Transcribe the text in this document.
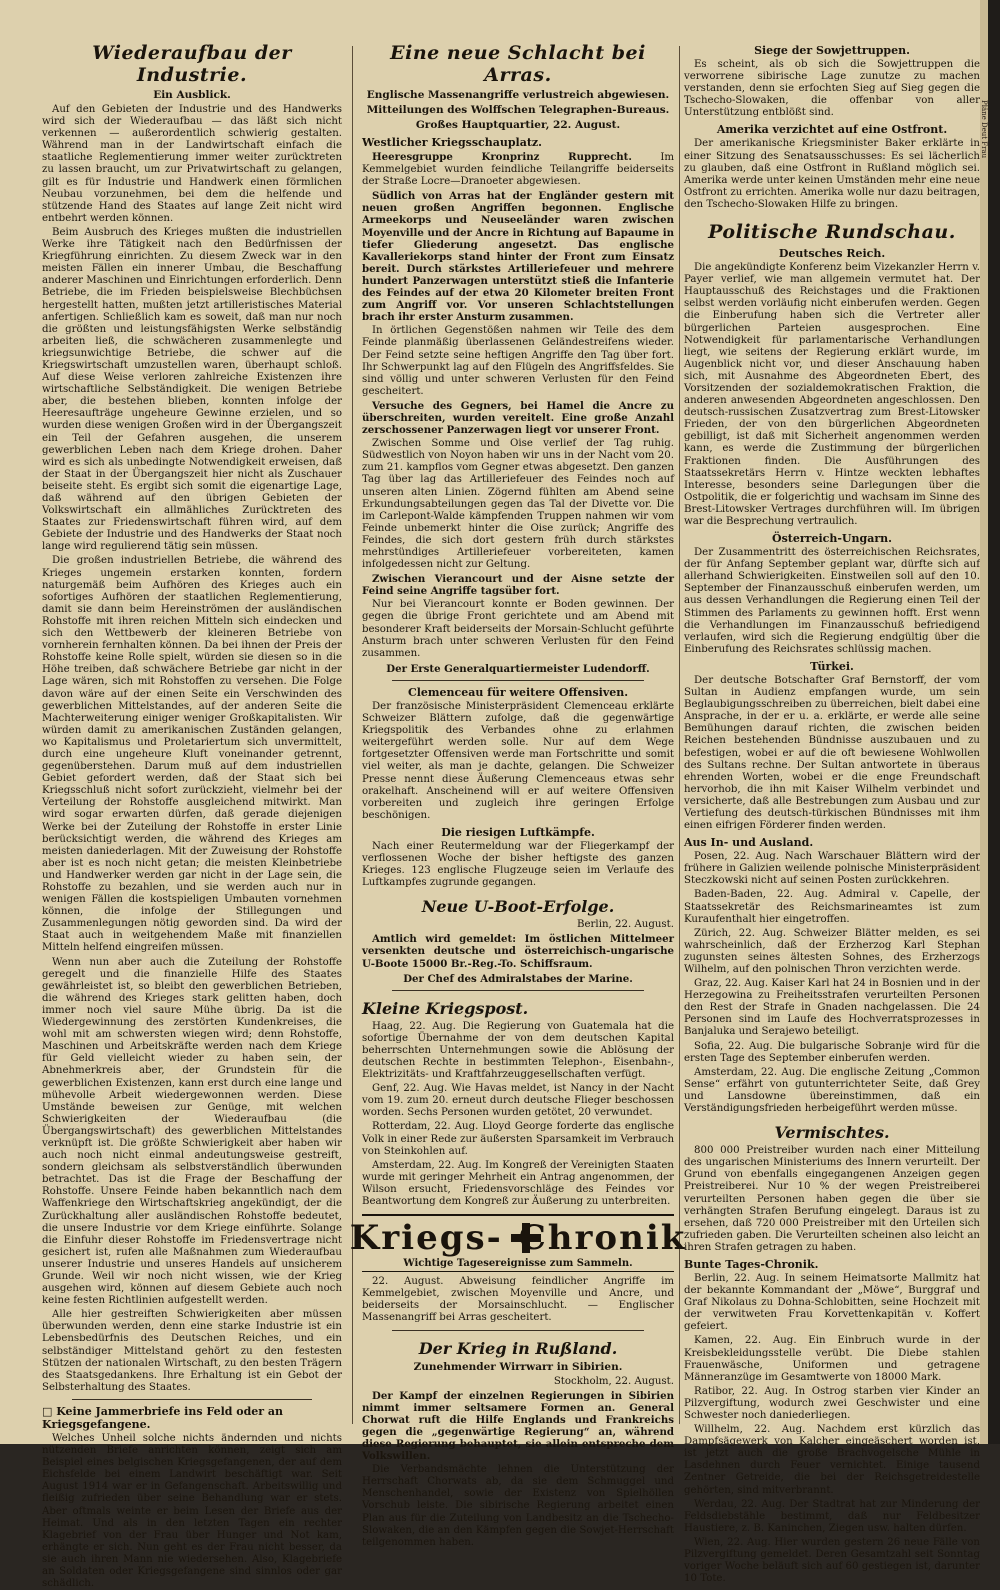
Wiederaufbau der Industrie.
Ein Ausblick.

Auf den Gebieten der Industrie und des Handwerks wird sich der Wiederaufbau — das läßt sich nicht verkennen — außerordentlich schwierig gestalten. Während man in der Landwirtschaft einfach die staatliche Reglementierung immer weiter zurücktreten zu lassen braucht, um zur Privatwirtschaft zu gelangen, gilt es für Industrie und Handwerk einen förmlichen Neubau vorzunehmen, bei dem die helfende und stützende Hand des Staates auf lange Zeit nicht wird entbehrt werden können.

Beim Ausbruch des Krieges mußten die industriellen Werke ihre Tätigkeit nach den Bedürfnissen der Kriegführung einrichten. Zu diesem Zweck war in den meisten Fällen ein innerer Umbau, die Beschaffung anderer Maschinen und Einrichtungen erforderlich. Denn Betriebe, die im Frieden beispielsweise Blechbüchsen hergestellt hatten, mußten jetzt artilleristisches Material anfertigen. Schließlich kam es soweit, daß man nur noch die größten und leistungsfähigsten Werke selbständig arbeiten ließ, die schwächeren zusammenlegte und kriegsunwichtige Betriebe, die schwer auf die Kriegswirtschaft umzustellen waren, überhaupt schloß. Auf diese Weise verloren zahlreiche Existenzen ihre wirtschaftliche Selbständigkeit. Die wenigen Betriebe aber, die bestehen blieben, konnten infolge der Heeresaufträge ungeheure Gewinne erzielen, und so wurden diese wenigen Großen wird in der Übergangszeit ein Teil der Gefahren ausgehen, die unserem gewerblichen Leben nach dem Kriege drohen. Daher wird es sich als unbedingte Notwendigkeit erweisen, daß der Staat in der Übergangszeit hier nicht als Zuschauer beiseite steht. Es ergibt sich somit die eigenartige Lage, daß während auf den übrigen Gebieten der Volkswirtschaft ein allmähliches Zurücktreten des Staates zur Friedenswirtschaft führen wird, auf dem Gebiete der Industrie und des Handwerks der Staat noch lange wird regulierend tätig sein müssen.

Die großen industriellen Betriebe, die während des Krieges ungemein erstarken konnten, fordern naturgemäß beim Aufhören des Krieges auch ein sofortiges Aufhören der staatlichen Reglementierung, damit sie dann beim Hereinströmen der ausländischen Rohstoffe mit ihren reichen Mitteln sich eindecken und sich den Wettbewerb der kleineren Betriebe von vornherein fernhalten können. Da bei ihnen der Preis der Rohstoffe keine Rolle spielt, würden sie diesen so in die Höhe treiben, daß schwächere Betriebe gar nicht in der Lage wären, sich mit Rohstoffen zu versehen. Die Folge davon wäre auf der einen Seite ein Verschwinden des gewerblichen Mittelstandes, auf der anderen Seite die Machterweiterung einiger weniger Großkapitalisten. Wir würden damit zu amerikanischen Zuständen gelangen, wo Kapitalismus und Proletariertum sich unvermittelt, durch eine ungeheure Kluft voneinander getrennt, gegenüberstehen. Darum muß auf dem industriellen Gebiet gefordert werden, daß der Staat sich bei Kriegsschluß nicht sofort zurückzieht, vielmehr bei der Verteilung der Rohstoffe ausgleichend mitwirkt. Man wird sogar erwarten dürfen, daß gerade diejenigen Werke bei der Zuteilung der Rohstoffe in erster Linie berücksichtigt werden, die während des Krieges am meisten daniederlagen. Mit der Zuweisung der Rohstoffe aber ist es noch nicht getan; die meisten Kleinbetriebe und Handwerker werden gar nicht in der Lage sein, die Rohstoffe zu bezahlen, und sie werden auch nur in wenigen Fällen die kostspieligen Umbauten vornehmen können, die infolge der Stillegungen und Zusammenlegungen nötig geworden sind. Da wird der Staat auch in weitgehendem Maße mit finanziellen Mitteln helfend eingreifen müssen.

Wenn nun aber auch die Zuteilung der Rohstoffe geregelt und die finanzielle Hilfe des Staates gewährleistet ist, so bleibt den gewerblichen Betrieben, die während des Krieges stark gelitten haben, doch immer noch viel saure Mühe übrig. Da ist die Wiedergewinnung des zerstörten Kundenkreises, die wohl mit am schwersten wiegen wird; denn Rohstoffe, Maschinen und Arbeitskräfte werden nach dem Kriege für Geld vielleicht wieder zu haben sein, der Abnehmerkreis aber, der Grundstein für die gewerblichen Existenzen, kann erst durch eine lange und mühevolle Arbeit wiedergewonnen werden. Diese Umstände beweisen zur Genüge, mit welchen Schwierigkeiten der Wiederaufbau (die Übergangswirtschaft) des gewerblichen Mittelstandes verknüpft ist. Die größte Schwierigkeit aber haben wir auch noch nicht einmal andeutungsweise gestreift, sondern gleichsam als selbstverständlich überwunden betrachtet. Das ist die Frage der Beschaffung der Rohstoffe. Unsere Feinde haben bekanntlich nach dem Waffenkriege den Wirtschaftskrieg angekündigt, der die Zurückhaltung aller ausländischen Rohstoffe bedeutet, die unsere Industrie vor dem Kriege einführte. Solange die Einfuhr dieser Rohstoffe im Friedensvertrage nicht gesichert ist, rufen alle Maßnahmen zum Wiederaufbau unserer Industrie und unseres Handels auf unsicherem Grunde. Weil wir noch nicht wissen, wie der Krieg ausgehen wird, können auf diesem Gebiete auch noch keine festen Richtlinien aufgestellt werden.

Alle hier gestreiften Schwierigkeiten aber müssen überwunden werden, denn eine starke Industrie ist ein Lebensbedürfnis des Deutschen Reiches, und ein selbständiger Mittelstand gehört zu den festesten Stützen der nationalen Wirtschaft, zu den besten Trägern des Staatsgedankens. Ihre Erhaltung ist ein Gebot der Selbsterhaltung des Staates.

□ Keine Jammerbriefe ins Feld oder an Kriegsgefangene.

Welches Unheil solche nichts ändernden und nichts nützenden Briefe anrichten können, zeigt sich am Beispiel eines belgischen Kriegsgefangenen, der auf dem Eichsfelde bei einem Landwirt beschäftigt war. Seit August 1914 war er in Gefangenschaft. Arbeitswillig und fleißig zufrieden über seine Behandlung war er stets. Aber oftmals weinte er beim Lesen der Briefe aus der Heimat. Und als in den letzten Tagen ein rechter Klagebrief von der Frau über Hunger und Not kam, erhängte er sich. Nun geht es der Frau nicht besser, da sie auch ihren Mann nie wiedersehen. Also, Klagebriefe an Soldaten oder Kriegsgefangene sind sinnlos oder gar schädlich.

Eine neue Schlacht bei Arras.
Englische Massenangriffe verlustreich abgewiesen.
Mitteilungen des Wolffschen Telegraphen-Bureaus.
Großes Hauptquartier, 22. August.
Westlicher Kriegsschauplatz.

Heeresgruppe Kronprinz Rupprecht.	Im Kemmelgebiet wurden feindliche Teilangriffe beiderseits der Straße Locre—Dranoeter abgewiesen.

Südlich von Arras hat der Engländer gestern mit neuen großen Angriffen begonnen. Englische Armeekorps und Neuseeländer waren zwischen Moyenville und der Ancre in Richtung auf Bapaume in tiefer Gliederung angesetzt. Das englische Kavalleriekorps stand hinter der Front zum Einsatz bereit. Durch stärkstes Artilleriefeuer und mehrere hundert Panzerwagen unterstützt stieß die Infanterie des Feindes auf der etwa 20 Kilometer breiten Front zum Angriff vor. Vor unseren Schlachtstellungen brach ihr erster Ansturm zusammen.

In örtlichen Gegenstößen nahmen wir Teile des dem Feinde planmäßig überlassenen Geländestreifens wieder. Der Feind setzte seine heftigen Angriffe den Tag über fort. Ihr Schwerpunkt lag auf den Flügeln des Angriffsfeldes. Sie sind völlig und unter schweren Verlusten für den Feind gescheitert.

Versuche des Gegners, bei Hamel die Ancre zu überschreiten, wurden vereitelt. Eine große Anzahl zerschossener Panzerwagen liegt vor unserer Front.

Zwischen Somme und Oise verlief der Tag ruhig. Südwestlich von Noyon haben wir uns in der Nacht vom 20. zum 21. kampflos vom Gegner etwas abgesetzt. Den ganzen Tag über lag das Artilleriefeuer des Feindes noch auf unseren alten Linien. Zögernd fühlten am Abend seine Erkundungsabteilungen gegen das Tal der Divette vor. Die im Carlepont-Walde kämpfenden Truppen nahmen wir vom Feinde unbemerkt hinter die Oise zurück; Angriffe des Feindes, die sich dort gestern früh durch stärkstes mehrstündiges Artilleriefeuer vorbereiteten, kamen infolgedessen nicht zur Geltung.

Zwischen Vierancourt und der Aisne setzte der Feind seine Angriffe tagsüber fort.

Nur bei Vierancourt konnte er Boden gewinnen. Der gegen die übrige Front gerichtete und am Abend mit besonderer Kraft beiderseits der Morsain-Schlucht geführte Ansturm brach unter schweren Verlusten für den Feind zusammen.

Der Erste Generalquartiermeister Ludendorff.

Clemenceau für weitere Offensiven.

Der französische Ministerpräsident Clemenceau erklärte Schweizer Blättern zufolge, daß die gegenwärtige Kriegspolitik des Verbandes ohne zu erlahmen weitergeführt werden solle. Nur auf dem Wege fortgesetzter Offensiven werde man Fortschritte und somit viel weiter, als man je dachte, gelangen. Die Schweizer Presse nennt diese Äußerung Clemenceaus etwas sehr orakelhaft. Anscheinend will er auf weitere Offensiven vorbereiten und zugleich ihre geringen Erfolge beschönigen.

Die riesigen Luftkämpfe.

Nach einer Reutermeldung war der Fliegerkampf der verflossenen Woche der bisher heftigste des ganzen Krieges. 123 englische Flugzeuge seien im Verlaufe des Luftkampfes zugrunde gegangen.

Neue U-Boot-Erfolge.

Berlin, 22. August.

Amtlich wird gemeldet: Im östlichen Mittelmeer versenkten deutsche und österreichisch-ungarische U-Boote 15000 Br.-Reg.-To. Schiffsraum.

Der Chef des Admiralstabes der Marine.

Kleine Kriegspost.

Haag, 22. Aug. Die Regierung von Guatemala hat die sofortige Übernahme der von dem deutschen Kapital beherrschten Unternehmungen sowie die Ablösung der deutschen Rechte in bestimmten Telephon-, Eisenbahn-, Elektrizitäts- und Kraftfahrzeuggesellschaften verfügt.

Genf, 22. Aug. Wie Havas meldet, ist Nancy in der Nacht vom 19. zum 20. erneut durch deutsche Flieger beschossen worden. Sechs Personen wurden getötet, 20 verwundet.

Rotterdam, 22. Aug. Lloyd George forderte das englische Volk in einer Rede zur äußersten Sparsamkeit im Verbrauch von Steinkohlen auf.

Amsterdam, 22. Aug. Im Kongreß der Vereinigten Staaten wurde mit geringer Mehrheit ein Antrag angenommen, der Wilson ersucht, Friedensvorschläge des Feindes vor Beantwortung dem Kongreß zur Äußerung zu unterbreiten.

Kriegs- Chronik
Wichtige Tagesereignisse zum Sammeln.

22. August. Abweisung feindlicher Angriffe im Kemmelgebiet, zwischen Moyenville und Ancre, und beiderseits der Morsainschlucht. — Englischer Massenangriff bei Arras gescheitert.

Der Krieg in Rußland.
Zunehmender Wirrwarr in Sibirien.

Stockholm, 22. August.

Der Kampf der einzelnen Regierungen in Sibirien nimmt immer seltsamere Formen an. General Chorwat ruft die Hilfe Englands und Frankreichs gegen die „gegenwärtige Regierung“ an, während diese Regierung behauptet, sie allein entspreche dem Volkswillen.

Die Verbandsmächte lehnen die Unterstützung der Herrschaft Chorwats ab, da sie dem Schmuggel und Menschenhandel, sowie der Existenz von Spielhöllen Vorschub leiste. Die sibirische Regierung arbeitet einen Plan aus für die Zuteilung von Landbesitz an die Tschecho-Slowaken, die an den Kämpfen gegen die Sowjet-Herrschaft teilgenommen haben.

Siege der Sowjettruppen.

Es scheint, als ob sich die Sowjettruppen die verworrene sibirische Lage zunutze zu machen verstanden, denn sie erfochten Sieg auf Sieg gegen die Tschecho-Slowaken, die offenbar von aller Unterstützung entblößt sind.

Amerika verzichtet auf eine Ostfront.

Der amerikanische Kriegsminister Baker erklärte in einer Sitzung des Senatsausschusses: Es sei lächerlich zu glauben, daß eine Ostfront in Rußland möglich sei. Amerika werde unter keinen Umständen mehr eine neue Ostfront zu errichten. Amerika wolle nur dazu beitragen, den Tschecho-Slowaken Hilfe zu bringen.

Politische Rundschau.
Deutsches Reich.

Die angekündigte Konferenz beim Vizekanzler Herrn v. Payer verlief, wie man allgemein vermutet hat. Der Hauptausschuß des Reichstages und die Fraktionen selbst werden vorläufig nicht einberufen werden. Gegen die Einberufung haben sich die Vertreter aller bürgerlichen Parteien ausgesprochen. Eine Notwendigkeit für parlamentarische Verhandlungen liegt, wie seitens der Regierung erklärt wurde, im Augenblick nicht vor, und dieser Anschauung haben sich, mit Ausnahme des Abgeordneten Ebert, des Vorsitzenden der sozialdemokratischen Fraktion, die anderen anwesenden Abgeordneten angeschlossen. Den deutsch-russischen Zusatzvertrag zum Brest-Litowsker Frieden, der von den bürgerlichen Abgeordneten gebilligt, ist daß mit Sicherheit angenommen werden kann, es werde die Zustimmung der bürgerlichen Fraktionen finden. Die Ausführungen des Staatssekretärs Herrn v. Hintze weckten lebhaftes Interesse, besonders seine Darlegungen über die Ostpolitik, die er folgerichtig und wachsam im Sinne des Brest-Litowsker Vertrages durchführen will. Im übrigen war die Besprechung vertraulich.

Österreich-Ungarn.

Der Zusammentritt des österreichischen Reichsrates, der für Anfang September geplant war, dürfte sich auf allerhand Schwierigkeiten. Einstweilen soll auf den 10. September der Finanzausschuß einberufen werden, um aus dessen Verhandlungen die Regierung einen Teil der Stimmen des Parlaments zu gewinnen hofft. Erst wenn die Verhandlungen im Finanzausschuß befriedigend verlaufen, wird sich die Regierung endgültig über die Einberufung des Reichsrates schlüssig machen.

Türkei.

Der deutsche Botschafter Graf Bernstorff, der vom Sultan in Audienz empfangen wurde, um sein Beglaubigungsschreiben zu überreichen, bielt dabei eine Ansprache, in der er u. a. erklärte, er werde alle seine Bemühungen darauf richten, die zwischen beiden Reichen bestehenden Bündnisse auszubauen und zu befestigen, wobei er auf die oft bewiesene Wohlwollen des Sultans rechne. Der Sultan antwortete in überaus ehrenden Worten, wobei er die enge Freundschaft hervorhob, die ihn mit Kaiser Wilhelm verbindet und versicherte, daß alle Bestrebungen zum Ausbau und zur Vertiefung des deutsch-türkischen Bündnisses mit ihm einen eifrigen Förderer finden werden.

Aus In- und Ausland.

Posen, 22. Aug. Nach Warschauer Blättern wird der frühere in Galizien weilende polnische Ministerpräsident Steczkowski nicht auf seinen Posten zurückkehren.

Baden-Baden, 22. Aug. Admiral v. Capelle, der Staatssekretär des Reichsmarineamtes ist zum Kuraufenthalt hier eingetroffen.

Zürich, 22. Aug. Schweizer Blätter melden, es sei wahrscheinlich, daß der Erzherzog Karl Stephan zugunsten seines ältesten Sohnes, des Erzherzogs Wilhelm, auf den polnischen Thron verzichten werde.

Graz, 22. Aug. Kaiser Karl hat 24 in Bosnien und in der Herzegowina zu Freiheitsstrafen verurteilten Personen den Rest der Strafe in Gnaden nachgelassen. Die 24 Personen sind im Laufe des Hochverratsprozesses in Banjaluka und Serajewo beteiligt.

Sofia, 22. Aug. Die bulgarische Sobranje wird für die ersten Tage des September einberufen werden.

Amsterdam, 22. Aug. Die englische Zeitung „Common Sense“ erfährt von gutunterrichteter Seite, daß Grey und Lansdowne übereinstimmen, daß ein Verständigungsfrieden herbeigeführt werden müsse.

Vermischtes.

800 000 Preistreiber wurden nach einer Mitteilung des ungarischen Ministeriums des Innern verurteilt. Der Grund von ebenfalls eingegangenen Anzeigen gegen Preistreiberei. Nur 10 % der wegen Preistreiberei verurteilten Personen haben gegen die über sie verhängten Strafen Berufung eingelegt. Daraus ist zu ersehen, daß 720 000 Preistreiber mit den Urteilen sich zufrieden gaben. Die Verurteilten scheinen also leicht an ihren Strafen getragen zu haben.

Bunte Tages-Chronik.

Berlin, 22. Aug. In seinem Heimatsorte Mallmitz hat der bekannte Kommandant der „Möwe“, Burggraf und Graf Nikolaus zu Dohna-Schlobitten, seine Hochzeit mit der verwitweten Frau Korvettenkapitän v. Koffert gefeiert.

Kamen, 22. Aug. Ein Einbruch wurde in der Kreisbekleidungsstelle verübt. Die Diebe stahlen Frauenwäsche, Uniformen und getragene Männeranzüge im Gesamtwerte von 18000 Mark.

Ratibor, 22. Aug. In Ostrog starben vier Kinder an Pilzvergiftung, wodurch zwei Geschwister und eine Schwester noch daniederliegen.

Willhelm, 22. Aug. Nachdem erst kürzlich das Dampfsägewerk von Kalcher eingeäschert worden ist, ist jetzt auch die große Brachvogelsche Mühle in Lasdehnen durch Feuer vernichtet. Einige tausend Zentner Getreide, die bei der Reichsgetreidestelle gehörten, sind mitverbrannt.

Werdau, 22. Aug. Der Stadtrat hat zur Minderung der Feldsdiebstähle bestimmt, daß nur Feldbesitzer Haustiere, z. B. Kaninchen, Ziegen usw. halten dürfen.

Wien, 22. Aug. Hier wurden gestern 26 neue Fälle von Pilzvergiftung gemeldet. Deren Gesamtzahl seit Sonntag voriger Woche beläuft sich auf 60 gestiegen ist, darunter 10 Tote.

Pläne Deut Frau
